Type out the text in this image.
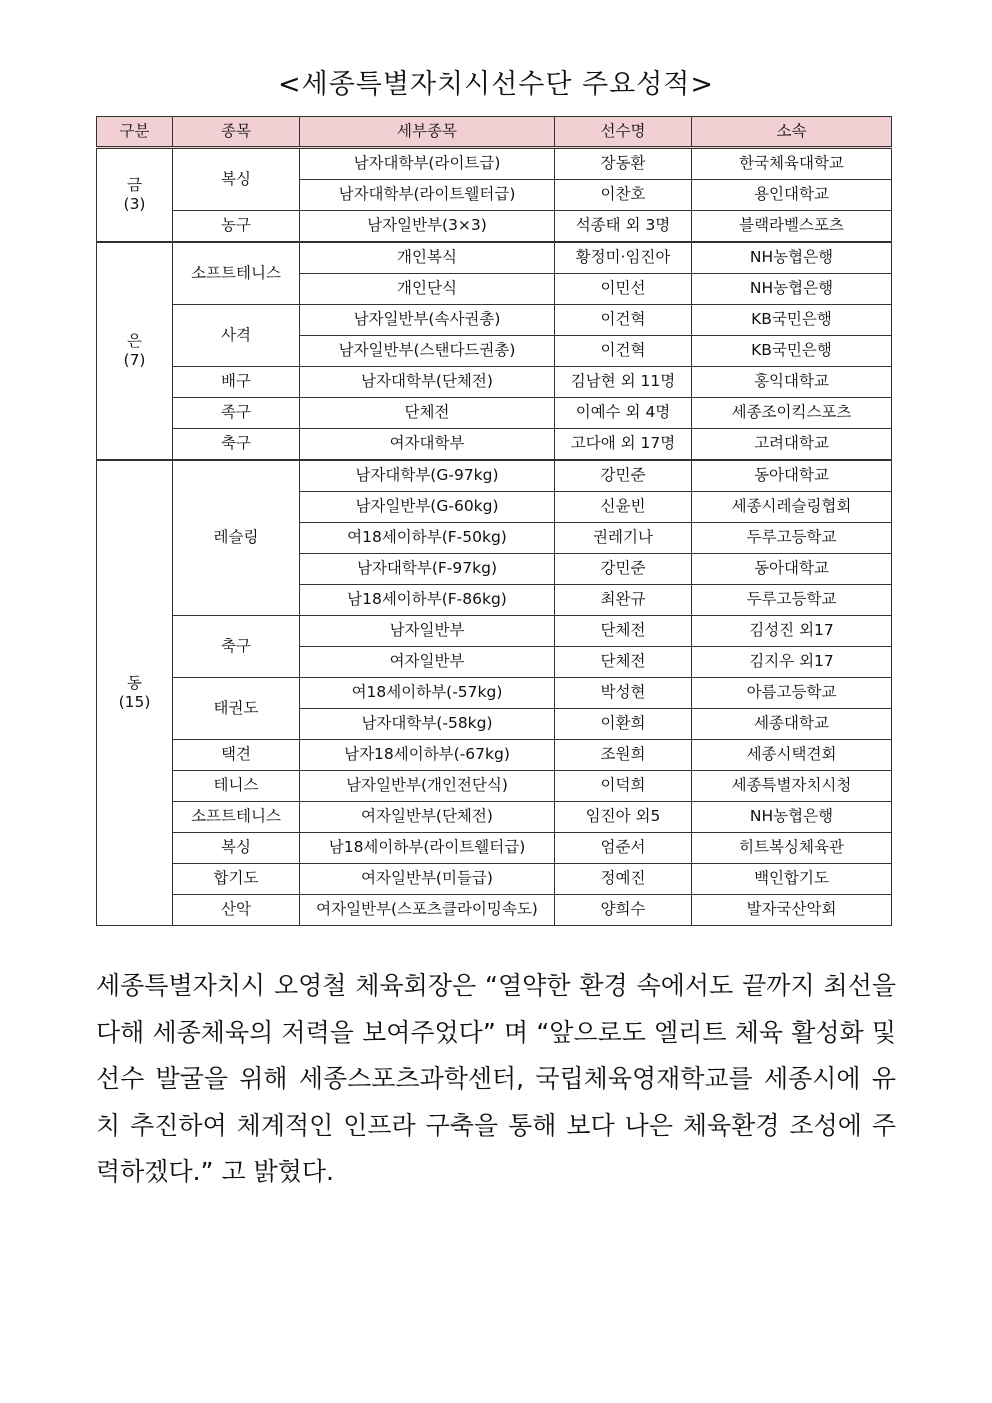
<세종특별자치시선수단 주요성적>
구분	종목	세부종목	선수명	소속

금
(3)	복싱	남자대학부(라이트급)	장동환	한국체육대학교
		남자대학부(라이트웰터급)	이찬호	용인대학교
	농구	남자일반부(3×3)	석종태 외 3명	블랙라벨스포츠

은
(7)	소프트테니스	개인복식	황정미·임진아	NH농협은행
		개인단식	이민선	NH농협은행
	사격	남자일반부(속사권총)	이건혁	KB국민은행
		남자일반부(스탠다드권총)	이건혁	KB국민은행
	배구	남자대학부(단체전)	김남현 외 11명	홍익대학교
	족구	단체전	이예수 외 4명	세종조이킥스포츠
	축구	여자대학부	고다애 외 17명	고려대학교

동
(15)	레슬링	남자대학부(G-97kg)	강민준	동아대학교
		남자일반부(G-60kg)	신윤빈	세종시레슬링협회
		여18세이하부(F-50kg)	권레기나	두루고등학교
		남자대학부(F-97kg)	강민준	동아대학교
		남18세이하부(F-86kg)	최완규	두루고등학교
	축구	남자일반부	단체전	김성진 외17
		여자일반부	단체전	김지우 외17
	태권도	여18세이하부(-57kg)	박성현	아름고등학교
		남자대학부(-58kg)	이환희	세종대학교
	택견	남자18세이하부(-67kg)	조원희	세종시택견회
	테니스	남자일반부(개인전단식)	이덕희	세종특별자치시청
	소프트테니스	여자일반부(단체전)	임진아 외5	NH농협은행
	복싱	남18세이하부(라이트웰터급)	엄준서	히트복싱체육관
	합기도	여자일반부(미들급)	정예진	백인합기도
	산악	여자일반부(스포츠클라이밍속도)	양희수	발자국산악회

세종특별자치시 오영철 체육회장은 “열약한 환경 속에서도 끝까지 최선을 다해 세종체육의 저력을 보여주었다” 며 “앞으로도 엘리트 체육 활성화 및 선수 발굴을 위해 세종스포츠과학센터, 국립체육영재학교를 세종시에 유치 추진하여 체계적인 인프라 구축을 통해 보다 나은 체육환경 조성에 주력하겠다.” 고 밝혔다.
